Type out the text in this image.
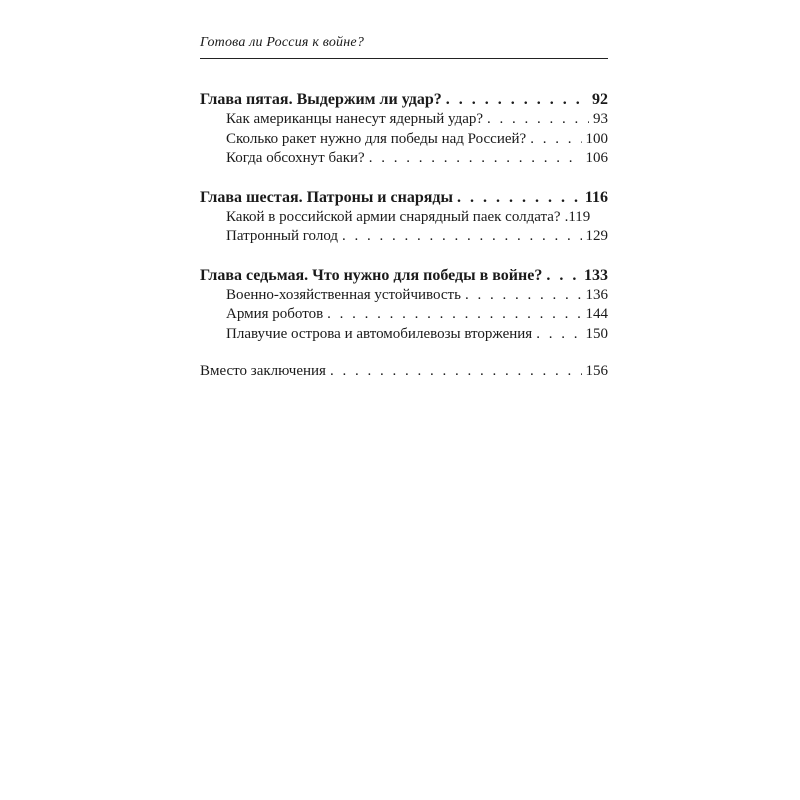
Готова ли Россия к войне?
Глава пятая. Выдержим ли удар? . . .	92
Как американцы нанесут ядерный удар? . . .	93
Сколько ракет нужно для победы над Россией? . . .	100
Когда обсохнут баки? . . .	106
Глава шестая. Патроны и снаряды . . .	116
Какой в российской армии снарядный паек солдата? .119
Патронный голод . . .	129
Глава седьмая. Что нужно для победы в войне? . . .	133
Военно-хозяйственная устойчивость . . .	136
Армия роботов . . .	144
Плавучие острова и автомобилевозы вторжения . . .	150
Вместо заключения . . .	156
